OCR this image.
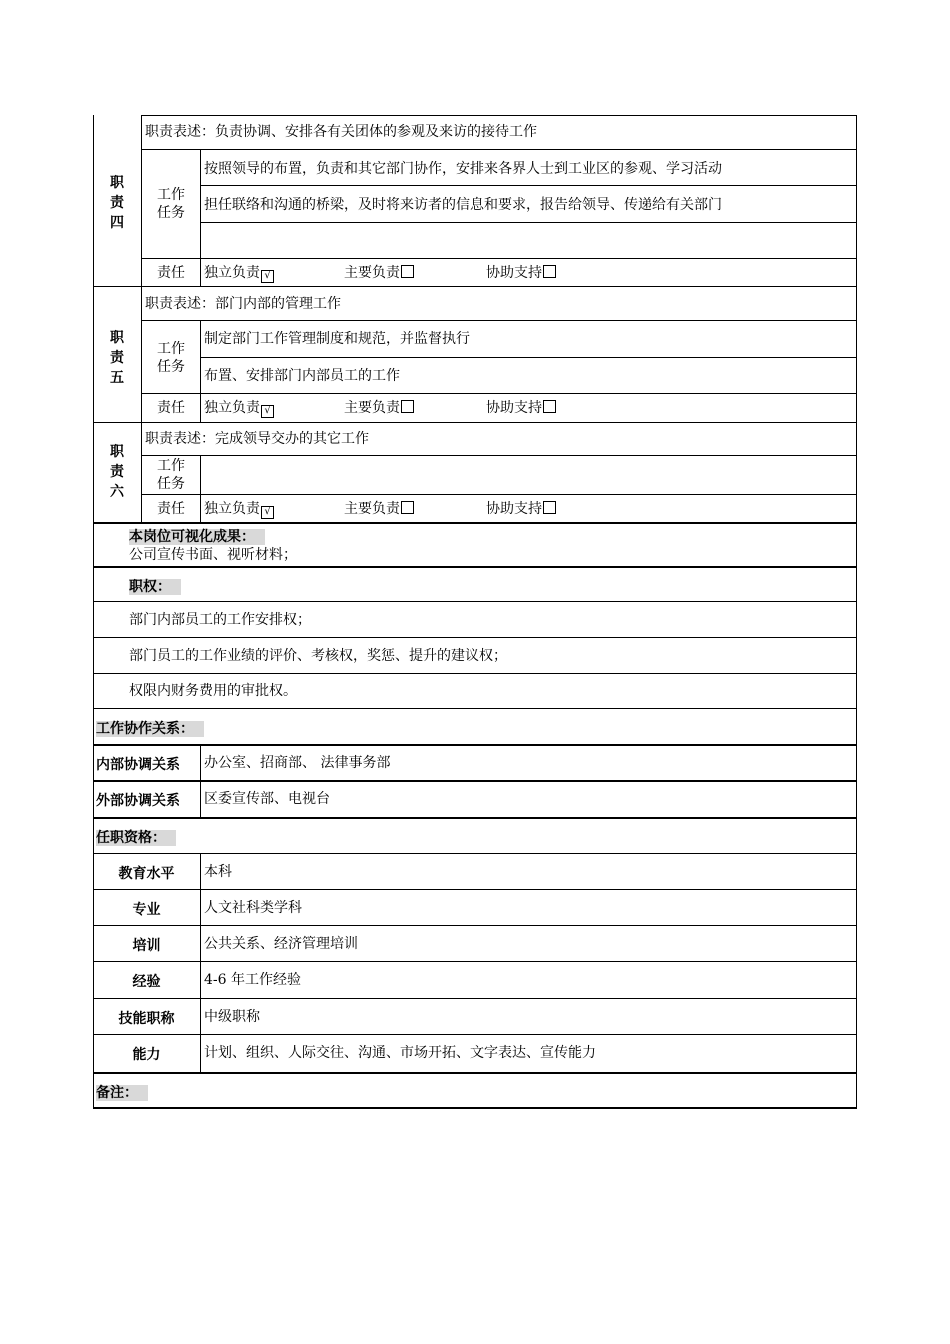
职
责
四
职责表述：负责协调、安排各有关团体的参观及来访的接待工作
工作
任务
按照领导的布置，负责和其它部门协作，安排来各界人士到工业区的参观、学习活动
担任联络和沟通的桥梁，及时将来访者的信息和要求，报告给领导、传递给有关部门
责任	独立负责 √	主要负责	协助支持
职
责
五
职责表述：部门内部的管理工作
工作
任务
制定部门工作管理制度和规范，并监督执行
布置、安排部门内部员工的工作
责任	独立负责 √	主要负责	协助支持
职
责
六
职责表述：完成领导交办的其它工作
工作
任务
责任	独立负责 √	主要负责	协助支持
本岗位可视化成果：
公司宣传书面、视听材料；
职权：
部门内部员工的工作安排权；
部门员工的工作业绩的评价、考核权，奖惩、提升的建议权；
权限内财务费用的审批权。
工作协作关系：
内部协调关系 办公室、招商部、 法律事务部
外部协调关系 区委宣传部、电视台
任职资格：
教育水平	本科
专业	人文社科类学科
培训	公共关系、经济管理培训
经验	4-6 年工作经验
技能职称	中级职称
能力	计划、组织、人际交往、沟通、市场开拓、文字表达、宣传能力
备注：
